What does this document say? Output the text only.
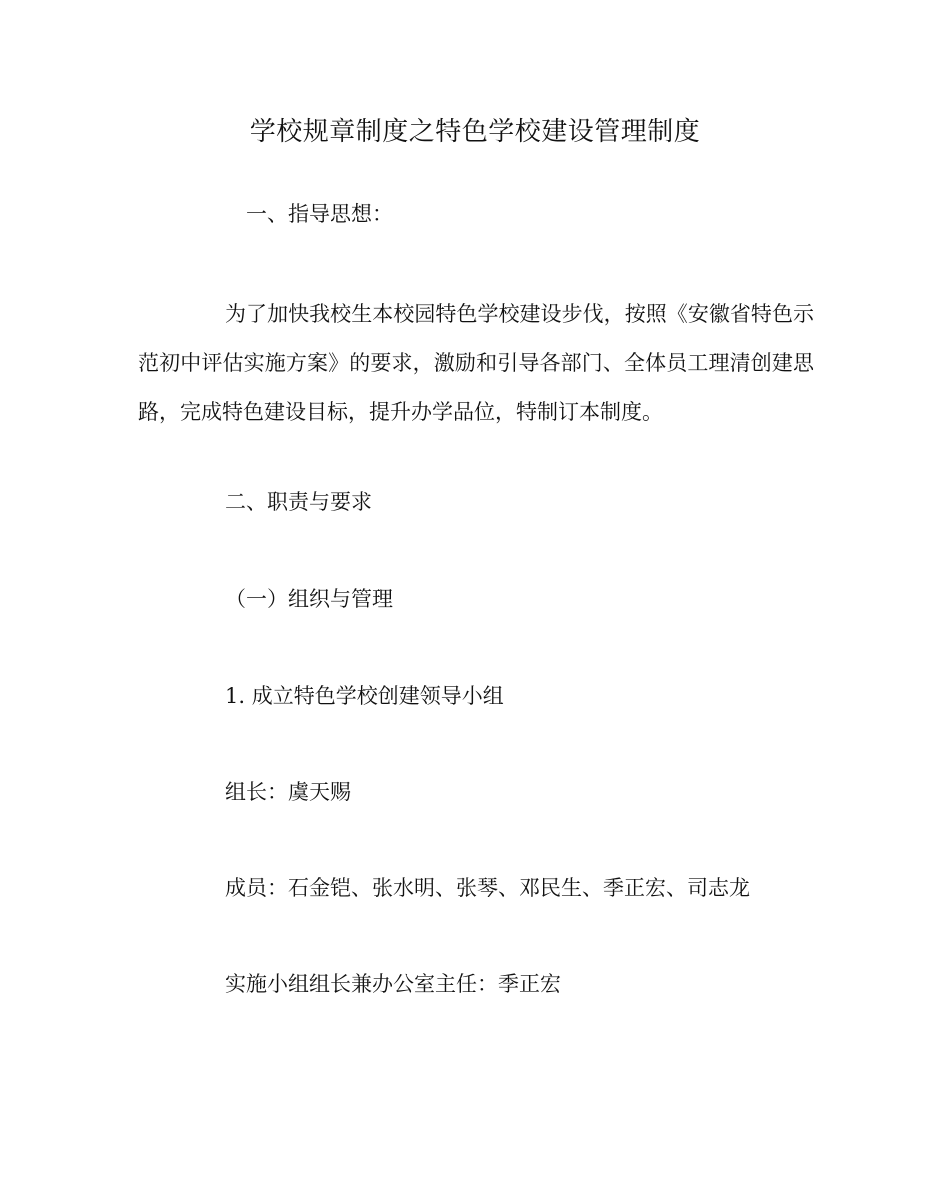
学校规章制度之特色学校建设管理制度
一、指导思想：
为了加快我校生本校园特色学校建设步伐，按照《安徽省特色示范初中评估实施方案》的要求，激励和引导各部门、全体员工理清创建思路，完成特色建设目标，提升办学品位，特制订本制度。
二、职责与要求
（一）组织与管理
1. 成立特色学校创建领导小组
组长：虞天赐
成员：石金铠、张水明、张琴、邓民生、季正宏、司志龙
实施小组组长兼办公室主任：季正宏
